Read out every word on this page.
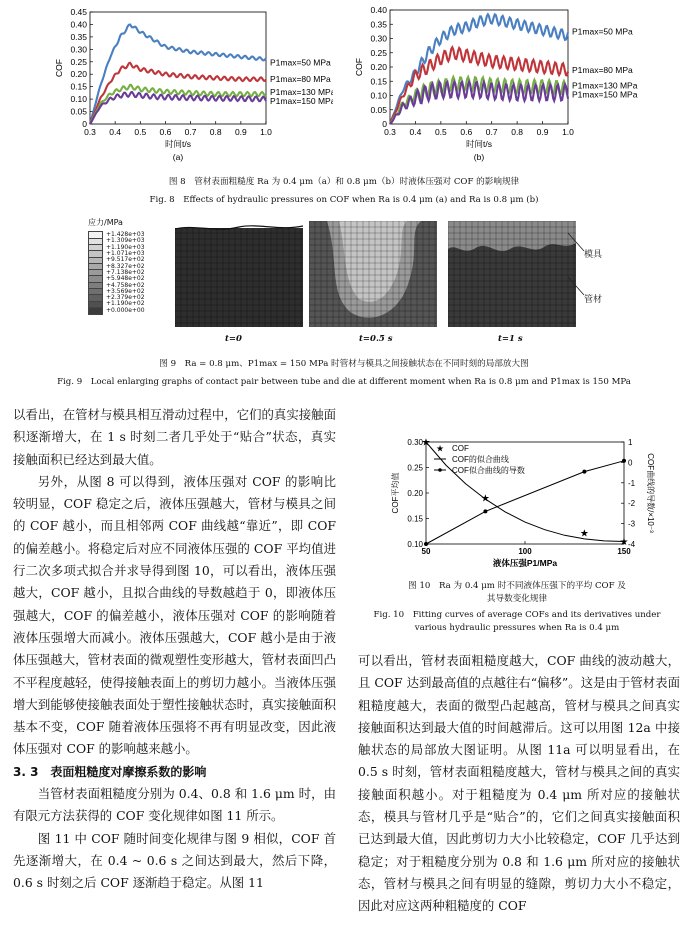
0
0.05
0.10
0.15
0.20
0.25
0.30
0.35
0.40
0.45
0.3 0.4 0.5 0.6 0.7 0.8 0.9 1.0
COF
时间t/s
(a)
P1max=50 MPa
P1max=80 MPa
P1max=130 MPa
P1max=150 MPa
0
0.05
0.10
0.15
0.20
0.25
0.30
0.35
0.40
0.3 0.4 0.5 0.6 0.7 0.8 0.9 1.0
COF
时间t/s
(b)
P1max=50 MPa
P1max=80 MPa
P1max=130 MPa
P1max=150 MPa
图 8　管材表面粗糙度 Ra 为 0.4 μm（a）和 0.8 μm（b）时液体压强对 COF 的影响规律
Fig. 8　Effects of hydraulic pressures on COF when Ra is 0.4 μm (a) and Ra is 0.8 μm (b)
应力/MPa
+1.428e+03
+1.309e+03
+1.190e+03
+1.071e+03
+9.517e+02
+8.327e+02
+7.138e+02
+5.948e+02
+4.758e+02
+3.569e+02
+2.379e+02
+1.190e+02
+0.000e+00
模具
管材
t=0	t=0.5 s	t=1 s
图 9　Ra = 0.8 μm、P1max = 150 MPa 时管材与模具之间接触状态在不同时刻的局部放大图
Fig. 9　Local enlarging graphs of contact pair between tube and die at different moment when Ra is 0.8 μm and P1max is 150 MPa

以看出，在管材与模具相互滑动过程中，它们的真实接触面积逐渐增大，在 1 s 时刻二者几乎处于“贴合”状态，真实接触面积已经达到最大值。

另外，从图 8 可以得到，液体压强对 COF 的影响比较明显，COF 稳定之后，液体压强越大，管材与模具之间的 COF 越小，而且相邻两 COF 曲线越“靠近”，即 COF 的偏差越小。将稳定后对应不同液体压强的 COF 平均值进行二次多项式拟合并求导得到图 10，可以看出，液体压强越大，COF 越小，且拟合曲线的导数越趋于 0，即液体压强越大，COF 的偏差越小，液体压强对 COF 的影响随着液体压强增大而减小。液体压强越大，COF 越小是由于液体压强越大，管材表面的微观塑性变形越大，管材表面凹凸不平程度越轻，使得接触表面上的剪切力越小。当液体压强增大到能够使接触表面处于塑性接触状态时，真实接触面积基本不变，COF 随着液体压强将不再有明显改变，因此液体压强对 COF 的影响越来越小。

3. 3　表面粗糙度对摩擦系数的影响

当管材表面粗糙度分别为 0.4、0.8 和 1.6 μm 时，由有限元方法获得的 COF 变化规律如图 11 所示。

图 11 中 COF 随时间变化规律与图 9 相似，COF 首先逐渐增大，在 0.4 ~ 0.6 s 之间达到最大，然后下降，0.6 s 时刻之后 COF 逐渐趋于稳定。从图 11

0.10
0.15
0.20
0.25
0.30
-4
-3
-2
-1
0
1
50	100	150
COF平均值	COF曲线的导数/×10⁻³
液体压强P1/MPa
★
★
★
★
★ COF
COF的似合曲线
COF似合曲线的导数
图 10　Ra 为 0.4 μm 时不同液体压强下的平均 COF 及
其导数变化规律
Fig. 10　Fitting curves of average COFs and its derivatives under
various hydraulic pressures when Ra is 0.4 μm

可以看出，管材表面粗糙度越大，COF 曲线的波动越大，且 COF 达到最高值的点越往右“偏移”。这是由于管材表面粗糙度越大，表面的微型凸起越高，管材与模具之间真实接触面积达到最大值的时间越滞后。这可以用图 12a 中接触状态的局部放大图证明。从图 11a 可以明显看出，在 0.5 s 时刻，管材表面粗糙度越大，管材与模具之间的真实接触面积越小。对于粗糙度为 0.4 μm 所对应的接触状态，模具与管材几乎是“贴合”的，它们之间真实接触面积已达到最大值，因此剪切力大小比较稳定，COF 几乎达到稳定；对于粗糙度分别为 0.8 和 1.6 μm 所对应的接触状态，管材与模具之间有明显的缝隙，剪切力大小不稳定，因此对应这两种粗糙度的 COF
